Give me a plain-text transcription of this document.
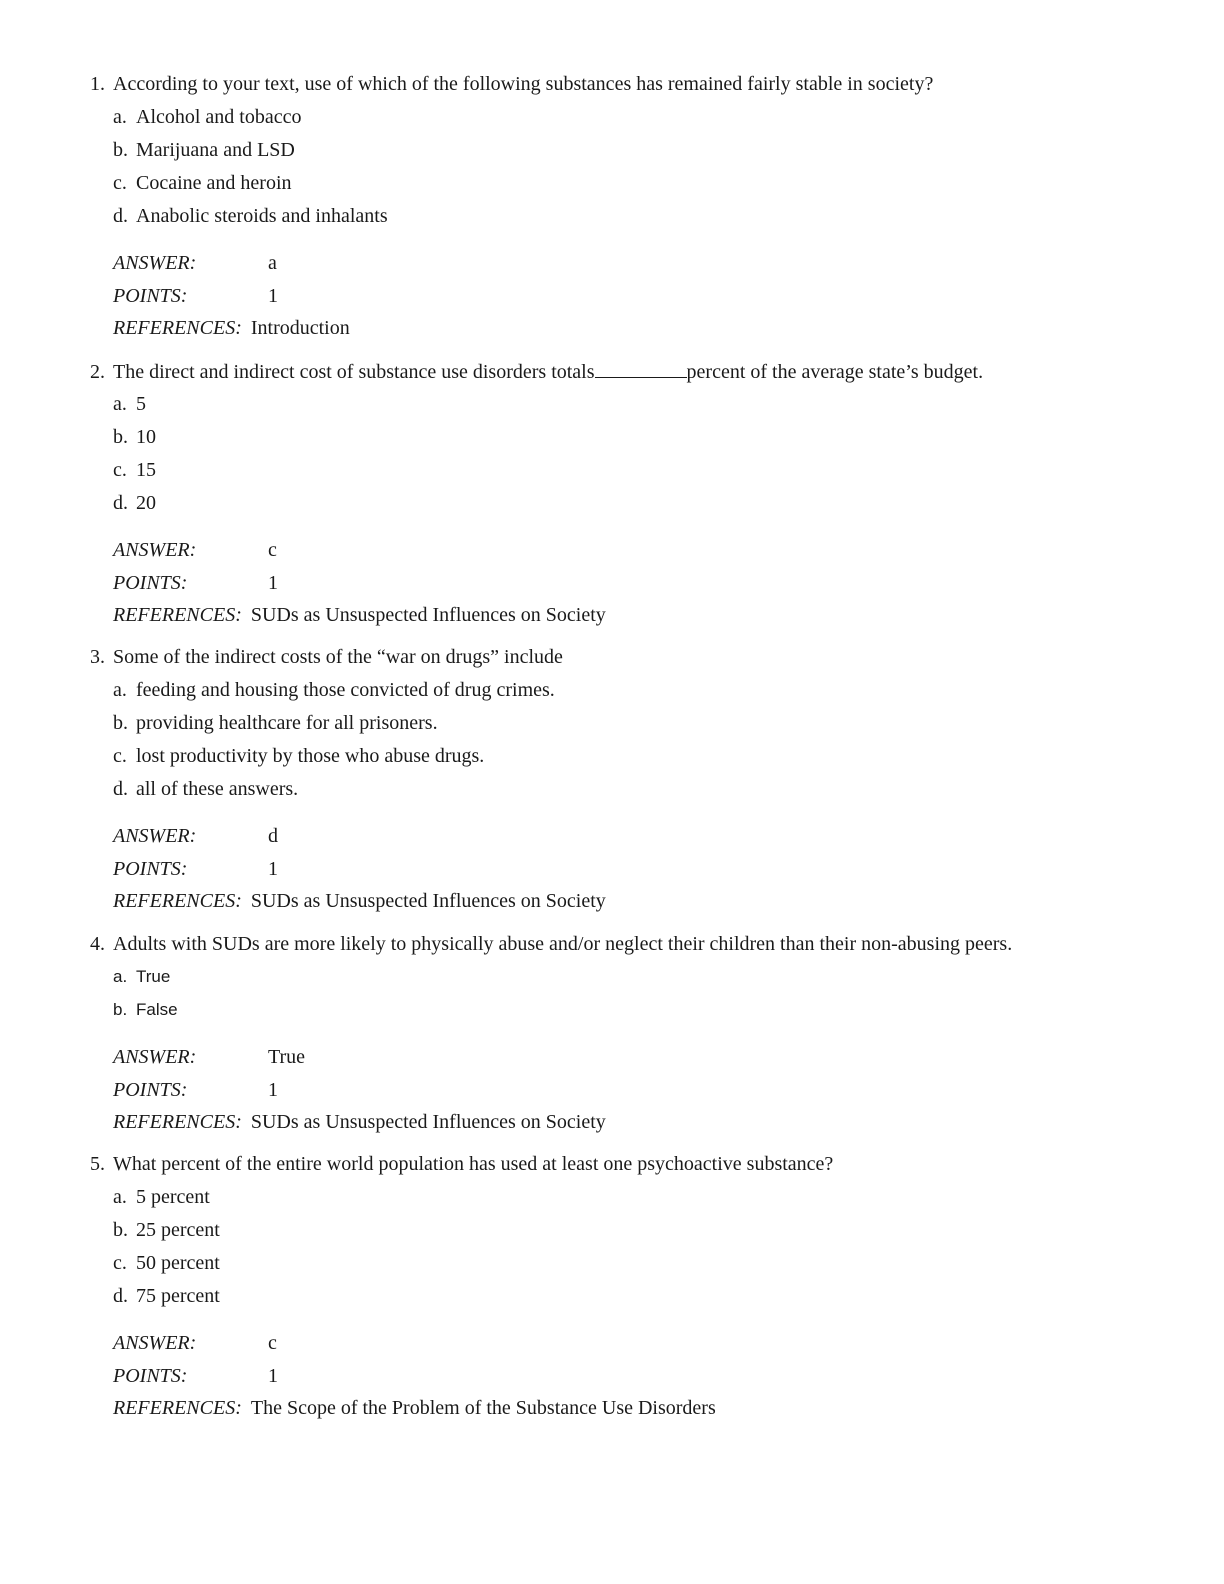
1. According to your text, use of which of the following substances has remained fairly stable in society?
a. Alcohol and tobacco
b. Marijuana and LSD
c. Cocaine and heroin
d. Anabolic steroids and inhalants
ANSWER:	a
POINTS:	1
REFERENCES: Introduction
2. The direct and indirect cost of substance use disorders totals	percent of the average state’s budget.
a. 5
b. 10
c. 15
d. 20
ANSWER:	c
POINTS:	1
REFERENCES: SUDs as Unsuspected Influences on Society
3. Some of the indirect costs of the “war on drugs” include
a. feeding and housing those convicted of drug crimes.
b. providing healthcare for all prisoners.
c. lost productivity by those who abuse drugs.
d. all of these answers.
ANSWER:	d
POINTS:	1
REFERENCES: SUDs as Unsuspected Influences on Society
4. Adults with SUDs are more likely to physically abuse and/or neglect their children than their non-abusing peers.
a. True
b. False
ANSWER:	True
POINTS:	1
REFERENCES: SUDs as Unsuspected Influences on Society
5. What percent of the entire world population has used at least one psychoactive substance?
a. 5 percent
b. 25 percent
c. 50 percent
d. 75 percent
ANSWER:	c
POINTS:	1
REFERENCES: The Scope of the Problem of the Substance Use Disorders
